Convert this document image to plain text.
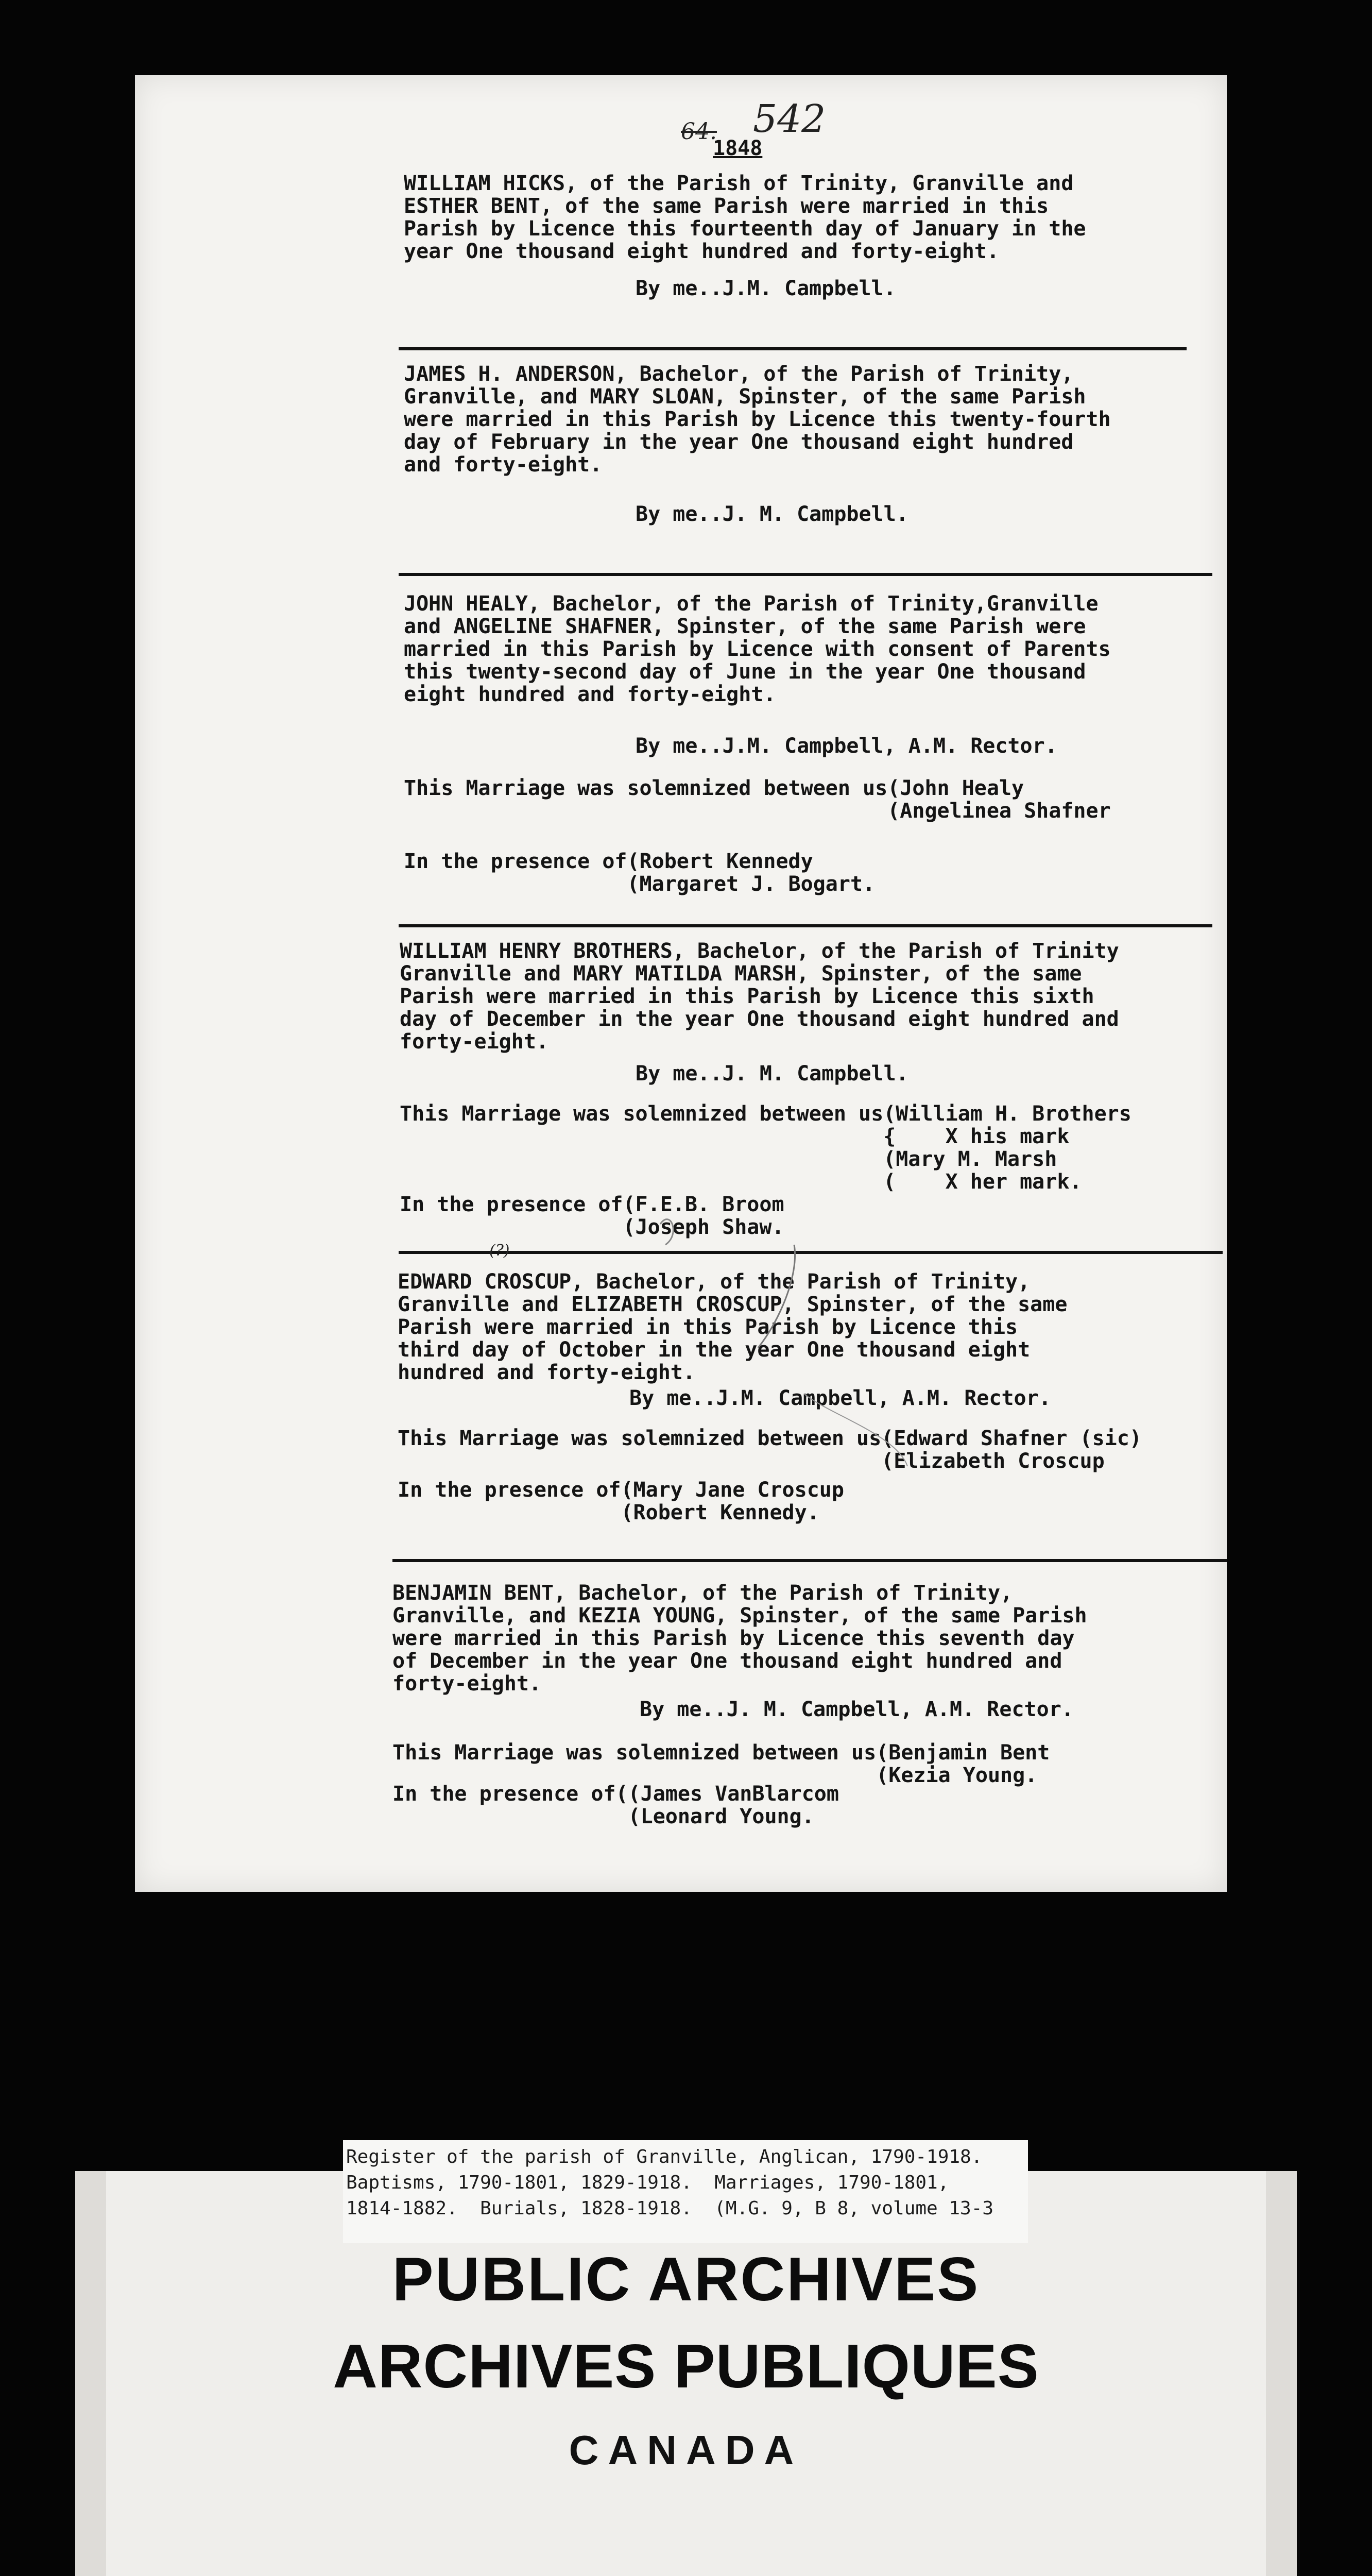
64. 542
1848
WILLIAM HICKS, of the Parish of Trinity, Granville and
ESTHER BENT, of the same Parish were married in this
Parish by Licence this fourteenth day of January in the
year One thousand eight hundred and forty-eight.
By me..J.M. Campbell.
JAMES H. ANDERSON, Bachelor, of the Parish of Trinity,
Granville, and MARY SLOAN, Spinster, of the same Parish
were married in this Parish by Licence this twenty-fourth
day of February in the year One thousand eight hundred
and forty-eight.
By me..J. M. Campbell.
JOHN HEALY, Bachelor, of the Parish of Trinity,Granville
and ANGELINE SHAFNER, Spinster, of the same Parish were
married in this Parish by Licence with consent of Parents
this twenty-second day of June in the year One thousand
eight hundred and forty-eight.
By me..J.M. Campbell, A.M. Rector.
This Marriage was solemnized between us(John Healy
(Angelinea Shafner
In the presence of(Robert Kennedy
(Margaret J. Bogart.
WILLIAM HENRY BROTHERS, Bachelor, of the Parish of Trinity
Granville and MARY MATILDA MARSH, Spinster, of the same
Parish were married in this Parish by Licence this sixth
day of December in the year One thousand eight hundred and
forty-eight.
By me..J. M. Campbell.
This Marriage was solemnized between us(William H. Brothers
{    X his mark
(Mary M. Marsh
(    X her mark.
In the presence of(F.E.B. Broom
(Joseph Shaw.
(?)
EDWARD CROSCUP, Bachelor, of the Parish of Trinity,
Granville and ELIZABETH CROSCUP, Spinster, of the same
Parish were married in this Parish by Licence this
third day of October in the year One thousand eight
hundred and forty-eight.
By me..J.M. Campbell, A.M. Rector.
This Marriage was solemnized between us(Edward Shafner (sic)
(Elizabeth Croscup
In the presence of(Mary Jane Croscup
(Robert Kennedy.
BENJAMIN BENT, Bachelor, of the Parish of Trinity,
Granville, and KEZIA YOUNG, Spinster, of the same Parish
were married in this Parish by Licence this seventh day
of December in the year One thousand eight hundred and
forty-eight.
By me..J. M. Campbell, A.M. Rector.
This Marriage was solemnized between us(Benjamin Bent
(Kezia Young.
In the presence of((James VanBlarcom
(Leonard Young.
Register of the parish of Granville, Anglican, 1790-1918.
Baptisms, 1790-1801, 1829-1918.  Marriages, 1790-1801,
1814-1882.  Burials, 1828-1918.  (M.G. 9, B 8, volume 13-3
PUBLIC ARCHIVES
ARCHIVES PUBLIQUES
CANADA
